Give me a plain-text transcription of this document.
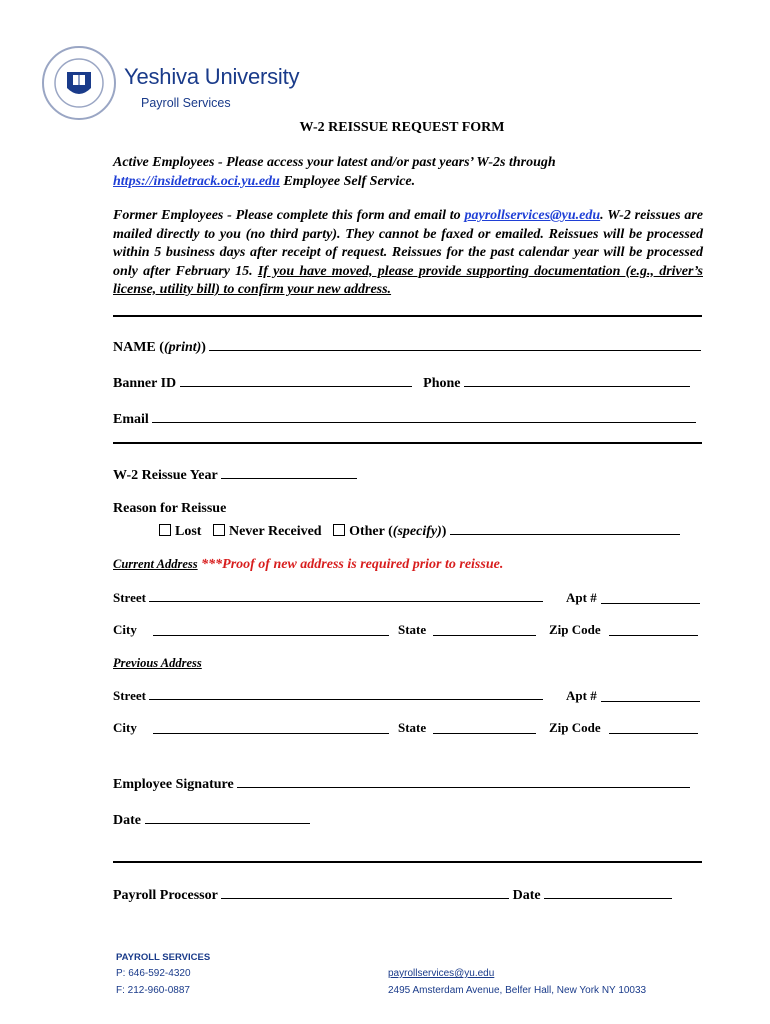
Yeshiva University
Payroll Services
W-2 REISSUE REQUEST FORM
Active Employees - Please access your latest and/or past years’ W-2s through
https://insidetrack.oci.yu.edu Employee Self Service.
Former Employees - Please complete this form and email to payrollservices@yu.edu. W-2 reissues are mailed directly to you (no third party). They cannot be faxed or emailed. Reissues will be processed within 5 business days after receipt of request. Reissues for the past calendar year will be processed only after February 15. If you have moved, please provide supporting documentation (e.g., driver’s license, utility bill) to confirm your new address.
NAME ((print))
Banner ID	Phone
Email
W-2 Reissue Year
Reason for Reissue
Lost Never Received Other ((specify))
Current Address ***Proof of new address is required prior to reissue.
Street	Apt #
City	State	Zip Code
Previous Address
Street	Apt #
City	State	Zip Code
Employee Signature
Date
Payroll Processor	Date
PAYROLL SERVICES
P: 646-592-4320
F: 212-960-0887
payrollservices@yu.edu
2495 Amsterdam Avenue, Belfer Hall, New York NY 10033
